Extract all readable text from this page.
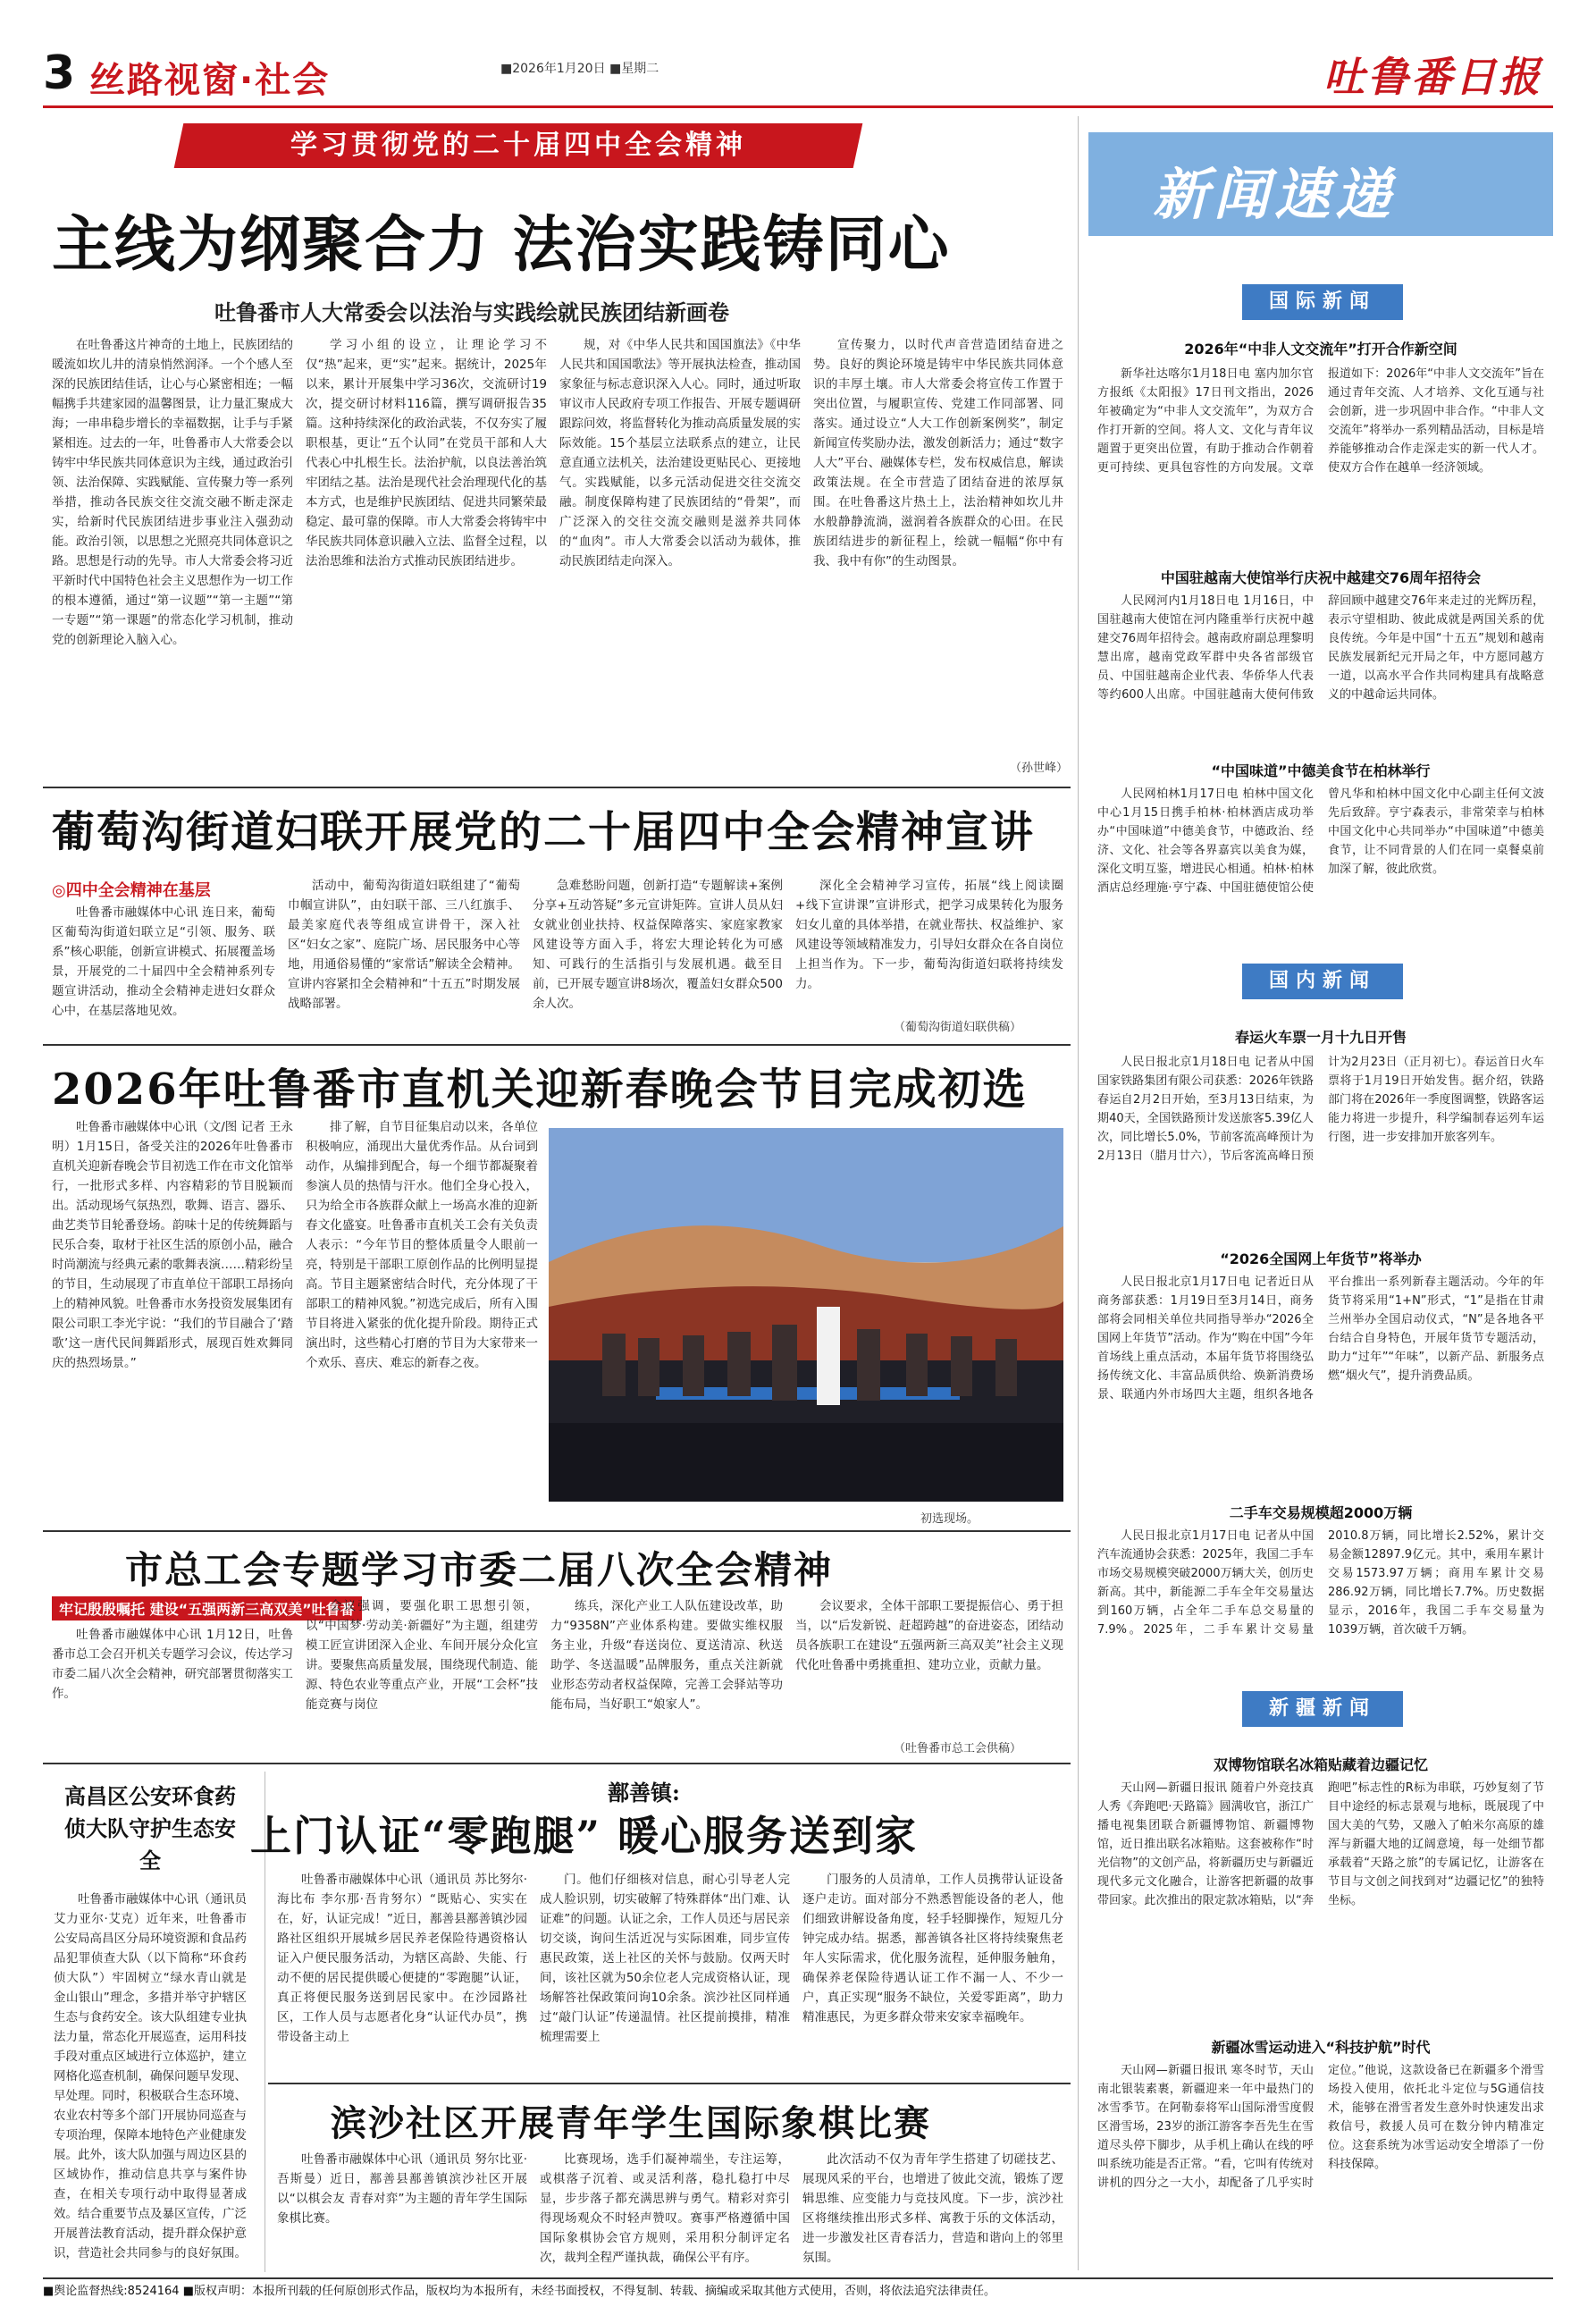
3 丝路视窗·社会	■2026年1月20日 ■星期二	吐鲁番日报
学习贯彻党的二十届四中全会精神
主线为纲聚合力 法治实践铸同心
吐鲁番市人大常委会以法治与实践绘就民族团结新画卷

在吐鲁番这片神奇的土地上，民族团结的暖流如坎儿井的清泉悄然润泽。一个个感人至深的民族团结佳话，让心与心紧密相连；一幅幅携手共建家园的温馨图景，让力量汇聚成大海；一串串稳步增长的幸福数据，让手与手紧紧相连。过去的一年，吐鲁番市人大常委会以铸牢中华民族共同体意识为主线，通过政治引领、法治保障、实践赋能、宣传聚力等一系列举措，推动各民族交往交流交融不断走深走实，给新时代民族团结进步事业注入强劲动能。政治引领，以思想之光照亮共同体意识之路。思想是行动的先导。市人大常委会将习近平新时代中国特色社会主义思想作为一切工作的根本遵循，通过“第一议题”“第一主题”“第一专题”“第一课题”的常态化学习机制，推动党的创新理论入脑入心。

学习小组的设立，让理论学习不仅“热”起来，更“实”起来。据统计，2025年以来，累计开展集中学习36次，交流研讨19次，提交研讨材料116篇，撰写调研报告35篇。这种持续深化的政治武装，不仅夯实了履职根基，更让“五个认同”在党员干部和人大代表心中扎根生长。法治护航，以良法善治筑牢团结之基。法治是现代社会治理现代化的基本方式，也是维护民族团结、促进共同繁荣最稳定、最可靠的保障。市人大常委会将铸牢中华民族共同体意识融入立法、监督全过程，以法治思维和法治方式推动民族团结进步。

规，对《中华人民共和国国旗法》《中华人民共和国国歌法》等开展执法检查，推动国家象征与标志意识深入人心。同时，通过听取审议市人民政府专项工作报告、开展专题调研跟踪问效，将监督转化为推动高质量发展的实际效能。15个基层立法联系点的建立，让民意直通立法机关，法治建设更贴民心、更接地气。实践赋能，以多元活动促进交往交流交融。制度保障构建了民族团结的“骨架”，而广泛深入的交往交流交融则是滋养共同体的“血肉”。市人大常委会以活动为载体，推动民族团结走向深入。

宣传聚力，以时代声音营造团结奋进之势。良好的舆论环境是铸牢中华民族共同体意识的丰厚土壤。市人大常委会将宣传工作置于突出位置，与履职宣传、党建工作同部署、同落实。通过设立“人大工作创新案例奖”，制定新闻宣传奖励办法，激发创新活力；通过“数字人大”平台、融媒体专栏，发布权威信息，解读政策法规。在全市营造了团结奋进的浓厚氛围。在吐鲁番这片热土上，法治精神如坎儿井水般静静流淌，滋润着各族群众的心田。在民族团结进步的新征程上，绘就一幅幅“你中有我、我中有你”的生动图景。

（孙世峰）
葡萄沟街道妇联开展党的二十届四中全会精神宣讲
◎四中全会精神在基层

吐鲁番市融媒体中心讯 连日来，葡萄区葡萄沟街道妇联立足“引领、服务、联系”核心职能，创新宣讲模式、拓展覆盖场景，开展党的二十届四中全会精神系列专题宣讲活动，推动全会精神走进妇女群众心中，在基层落地见效。

活动中，葡萄沟街道妇联组建了“葡萄巾帼宣讲队”，由妇联干部、三八红旗手、最美家庭代表等组成宣讲骨干，深入社区“妇女之家”、庭院广场、居民服务中心等地，用通俗易懂的“家常话”解读全会精神。宣讲内容紧扣全会精神和“十五五”时期发展战略部署。

急难愁盼问题，创新打造“专题解读+案例分享+互动答疑”多元宣讲矩阵。宣讲人员从妇女就业创业扶持、权益保障落实、家庭家教家风建设等方面入手，将宏大理论转化为可感知、可践行的生活指引与发展机遇。截至目前，已开展专题宣讲8场次，覆盖妇女群众500余人次。

深化全会精神学习宣传，拓展“线上阅读圈+线下宣讲课”宣讲形式，把学习成果转化为服务妇女儿童的具体举措，在就业帮扶、权益维护、家风建设等领域精准发力，引导妇女群众在各自岗位上担当作为。下一步，葡萄沟街道妇联将持续发力。

（葡萄沟街道妇联供稿）
2026年吐鲁番市直机关迎新春晚会节目完成初选

吐鲁番市融媒体中心讯（文/图 记者 王永明）1月15日，备受关注的2026年吐鲁番市直机关迎新春晚会节目初选工作在市文化馆举行，一批形式多样、内容精彩的节目脱颖而出。活动现场气氛热烈，歌舞、语言、器乐、曲艺类节目轮番登场。韵味十足的传统舞蹈与民乐合奏，取材于社区生活的原创小品，融合时尚潮流与经典元素的歌舞表演……精彩纷呈的节目，生动展现了市直单位干部职工昂扬向上的精神风貌。吐鲁番市水务投资发展集团有限公司职工李光宇说：“我们的节目融合了‘踏歌’这一唐代民间舞蹈形式，展现百姓欢舞同庆的热烈场景。”

排了解，自节目征集启动以来，各单位积极响应，涌现出大量优秀作品。从台词到动作，从编排到配合，每一个细节都凝聚着参演人员的热情与汗水。他们全身心投入，只为给全市各族群众献上一场高水准的迎新春文化盛宴。吐鲁番市直机关工会有关负责人表示：“今年节目的整体质量令人眼前一亮，特别是干部职工原创作品的比例明显提高。节目主题紧密结合时代，充分体现了干部职工的精神风貌。”初选完成后，所有入围节目将进入紧张的优化提升阶段。期待正式演出时，这些精心打磨的节目为大家带来一个欢乐、喜庆、难忘的新春之夜。

初选现场。
市总工会专题学习市委二届八次全会精神
牢记殷殷嘱托 建设“五强两新三高双美”吐鲁番

吐鲁番市融媒体中心讯 1月12日，吐鲁番市总工会召开机关专题学习会议，传达学习市委二届八次全会精神，研究部署贯彻落实工作。

会议强调，要强化职工思想引领，以“中国梦·劳动美·新疆好”为主题，组建劳模工匠宣讲团深入企业、车间开展分众化宣讲。要聚焦高质量发展，围绕现代制造、能源、特色农业等重点产业，开展“工会杯”技能竞赛与岗位

练兵，深化产业工人队伍建设改革，助力“9358N”产业体系构建。要做实维权服务主业，升级“春送岗位、夏送清凉、秋送助学、冬送温暖”品牌服务，重点关注新就业形态劳动者权益保障，完善工会驿站等功能布局，当好职工“娘家人”。

会议要求，全体干部职工要提振信心、勇于担当，以“后发新锐、赶超跨越”的奋进姿态，团结动员各族职工在建设“五强两新三高双美”社会主义现代化吐鲁番中勇挑重担、建功立业，贡献力量。

（吐鲁番市总工会供稿）
高昌区公安环食药侦大队守护生态安全

吐鲁番市融媒体中心讯（通讯员 艾力亚尔·艾克）近年来，吐鲁番市公安局高昌区分局环境资源和食品药品犯罪侦查大队（以下简称“环食药侦大队”）牢固树立“绿水青山就是金山银山”理念，多措并举守护辖区生态与食药安全。该大队组建专业执法力量，常态化开展巡查，运用科技手段对重点区域进行立体巡护，建立网格化巡查机制，确保问题早发现、早处理。同时，积极联合生态环境、农业农村等多个部门开展协同巡查与专项治理，保障本地特色产业健康发展。此外，该大队加强与周边区县的区域协作，推动信息共享与案件协查，在相关专项行动中取得显著成效。结合重要节点及暴区宣传，广泛开展普法教育活动，提升群众保护意识，营造社会共同参与的良好氛围。

鄯善镇:
上门认证“零跑腿” 暖心服务送到家

吐鲁番市融媒体中心讯（通讯员 苏比努尔·海比布 李尔那·吾肯努尔）“既贴心、实实在在，好，认证完成！”近日，鄯善县鄯善镇沙园路社区组织开展城乡居民养老保险待遇资格认证入户便民服务活动，为辖区高龄、失能、行动不便的居民提供暖心便捷的“零跑腿”认证，真正将便民服务送到居民家中。在沙园路社区，工作人员与志愿者化身“认证代办员”，携带设备主动上

门。他们仔细核对信息，耐心引导老人完成人脸识别，切实破解了特殊群体“出门难、认证难”的问题。认证之余，工作人员还与居民亲切交谈，询问生活近况与实际困难，同步宣传惠民政策，送上社区的关怀与鼓励。仅两天时间，该社区就为50余位老人完成资格认证，现场解答社保政策问询10余条。滨沙社区同样通过“敲门认证”传递温情。社区提前摸排，精准梳理需要上

门服务的人员清单，工作人员携带认证设备逐户走访。面对部分不熟悉智能设备的老人，他们细致讲解设备角度，轻手轻脚操作，短短几分钟完成办结。据悉，鄯善镇各社区将持续聚焦老年人实际需求，优化服务流程，延伸服务触角，确保养老保险待遇认证工作不漏一人、不少一户，真正实现“服务不缺位，关爱零距离”，助力精准惠民，为更多群众带来安家幸福晚年。

滨沙社区开展青年学生国际象棋比赛

吐鲁番市融媒体中心讯（通讯员 努尔比亚·吾斯曼）近日，鄯善县鄯善镇滨沙社区开展以“以棋会友 青春对弈”为主题的青年学生国际象棋比赛。

比赛现场，选手们凝神端坐，专注运筹，或棋落子沉着、或灵活利落，稳扎稳打中尽显，步步落子都充满思辨与勇气。精彩对弈引得现场观众不时轻声赞叹。赛事严格遵循中国国际象棋协会官方规则，采用积分制评定名次，裁判全程严谨执裁，确保公平有序。

此次活动不仅为青年学生搭建了切磋技艺、展现风采的平台，也增进了彼此交流，锻炼了逻辑思维、应变能力与竞技风度。下一步，滨沙社区将继续推出形式多样、寓教于乐的文体活动，进一步激发社区青春活力，营造和谐向上的邻里氛围。

新闻速递
国际新闻
2026年“中非人文交流年”打开合作新空间

新华社达喀尔1月18日电 塞内加尔官方报纸《太阳报》17日刊文指出，2026年被确定为“中非人文交流年”，为双方合作打开新的空间。将人文、文化与青年议题置于更突出位置，有助于推动合作朝着更可持续、更具包容性的方向发展。文章报道如下：2026年“中非人文交流年”旨在通过青年交流、人才培养、文化互通与社会创新，进一步巩固中非合作。“中非人文交流年”将举办一系列精品活动，目标是培养能够推动合作走深走实的新一代人才。使双方合作在越单一经济领域。

中国驻越南大使馆举行庆祝中越建交76周年招待会

人民网河内1月18日电 1月16日，中国驻越南大使馆在河内隆重举行庆祝中越建交76周年招待会。越南政府副总理黎明慧出席，越南党政军群中央各省部级官员、中国驻越南企业代表、华侨华人代表等约600人出席。中国驻越南大使何伟致辞回顾中越建交76年来走过的光辉历程，表示守望相助、彼此成就是两国关系的优良传统。今年是中国“十五五”规划和越南民族发展新纪元开局之年，中方愿同越方一道，以高水平合作共同构建具有战略意义的中越命运共同体。

“中国味道”中德美食节在柏林举行

人民网柏林1月17日电 柏林中国文化中心1月15日携手柏林·柏林酒店成功举办“中国味道”中德美食节，中德政治、经济、文化、社会等各界嘉宾以美食为媒，深化文明互鉴，增进民心相通。柏林·柏林酒店总经理施·亨宁森、中国驻德使馆公使曾凡华和柏林中国文化中心副主任何文波先后致辞。亨宁森表示，非常荣幸与柏林中国文化中心共同举办“中国味道”中德美食节，让不同背景的人们在同一桌餐桌前加深了解，彼此欣赏。

国内新闻
春运火车票一月十九日开售

人民日报北京1月18日电 记者从中国国家铁路集团有限公司获悉：2026年铁路春运自2月2日开始，至3月13日结束，为期40天，全国铁路预计发送旅客5.39亿人次，同比增长5.0%，节前客流高峰预计为2月13日（腊月廿六），节后客流高峰日预计为2月23日（正月初七）。春运首日火车票将于1月19日开始发售。据介绍，铁路部门将在2026年一季度图调整，铁路客运能力将进一步提升，科学编制春运列车运行图，进一步安排加开旅客列车。

“2026全国网上年货节”将举办

人民日报北京1月17日电 记者近日从商务部获悉：1月19日至3月14日，商务部将会同相关单位共同指导举办“2026全国网上年货节”活动。作为“购在中国”今年首场线上重点活动，本届年货节将围绕弘扬传统文化、丰富品质供给、焕新消费场景、联通内外市场四大主题，组织各地各平台推出一系列新春主题活动。今年的年货节将采用“1+N”形式，“1”是指在甘肃兰州举办全国启动仪式，“N”是各地各平台结合自身特色，开展年货节专题活动，助力“过年”“年味”，以新产品、新服务点燃“烟火气”，提升消费品质。

二手车交易规模超2000万辆

人民日报北京1月17日电 记者从中国汽车流通协会获悉：2025年，我国二手车市场交易规模突破2000万辆大关，创历史新高。其中，新能源二手车全年交易量达到160万辆，占全年二手车总交易量的7.9%。2025年，二手车累计交易量2010.8万辆，同比增长2.52%，累计交易金额12897.9亿元。其中，乘用车累计交易1573.97万辆；商用车累计交易286.92万辆，同比增长7.7%。历史数据显示，2016年，我国二手车交易量为1039万辆，首次破千万辆。

新疆新闻
双博物馆联名冰箱贴藏着边疆记忆

天山网—新疆日报讯 随着户外竞技真人秀《奔跑吧·天路篇》圆满收官，浙江广播电视集团联合新疆博物馆、新疆博物馆，近日推出联名冰箱贴。这套被称作“时光信物”的文创产品，将新疆历史与新疆近现代多元文化融合，让游客把新疆的故事带回家。此次推出的限定款冰箱贴，以“奔跑吧”标志性的R标为串联，巧妙复刻了节目中途经的标志景观与地标，既展现了中国大美的气势，又融入了帕米尔高原的雄浑与新疆大地的辽阔意境，每一处细节都承载着“天路之旅”的专属记忆，让游客在节目与文创之间找到对“边疆记忆”的独特坐标。

新疆冰雪运动进入“科技护航”时代

天山网—新疆日报讯 寒冬时节，天山南北银装素裹，新疆迎来一年中最热门的冰雪季节。在阿勒泰将军山国际滑雪度假区滑雪场，23岁的浙江游客李吾先生在雪道尽头停下脚步，从手机上确认在线的呼叫系统功能是否正常。“看，它叫有传统对讲机的四分之一大小，却配备了几乎实时定位。”他说，这款设备已在新疆多个滑雪场投入使用，依托北斗定位与5G通信技术，能够在滑雪者发生意外时快速发出求救信号，救援人员可在数分钟内精准定位。这套系统为冰雪运动安全增添了一份科技保障。

■舆论监督热线:8524164 ■版权声明：本报所刊载的任何原创形式作品，版权均为本报所有，未经书面授权，不得复制、转载、摘编或采取其他方式使用，否则，将依法追究法律责任。
